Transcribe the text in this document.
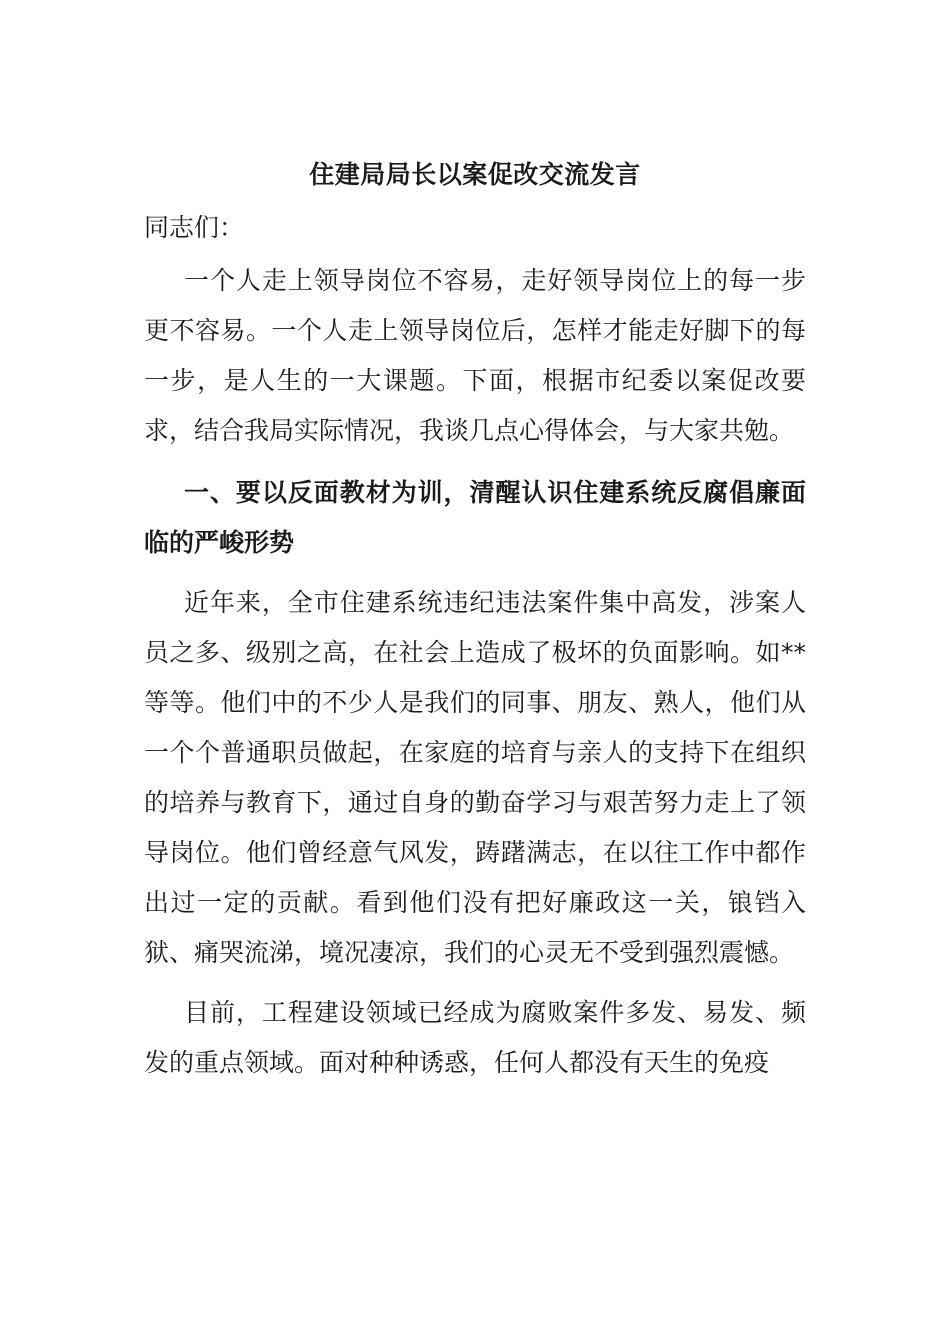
住建局局长以案促改交流发言

同志们：

一个人走上领导岗位不容易，走好领导岗位上的每一步更不容易。一个人走上领导岗位后，怎样才能走好脚下的每一步，是人生的一大课题。下面，根据市纪委以案促改要求，结合我局实际情况，我谈几点心得体会，与大家共勉。

一、要以反面教材为训，清醒认识住建系统反腐倡廉面临的严峻形势

近年来，全市住建系统违纪违法案件集中高发，涉案人员之多、级别之高，在社会上造成了极坏的负面影响。如**等等。他们中的不少人是我们的同事、朋友、熟人，他们从一个个普通职员做起，在家庭的培育与亲人的支持下在组织的培养与教育下，通过自身的勤奋学习与艰苦努力走上了领导岗位。他们曾经意气风发，踌躇满志，在以往工作中都作出过一定的贡献。看到他们没有把好廉政这一关，锒铛入狱、痛哭流涕，境况凄凉，我们的心灵无不受到强烈震憾。

目前，工程建设领域已经成为腐败案件多发、易发、频发的重点领域。面对种种诱惑，任何人都没有天生的免疫
